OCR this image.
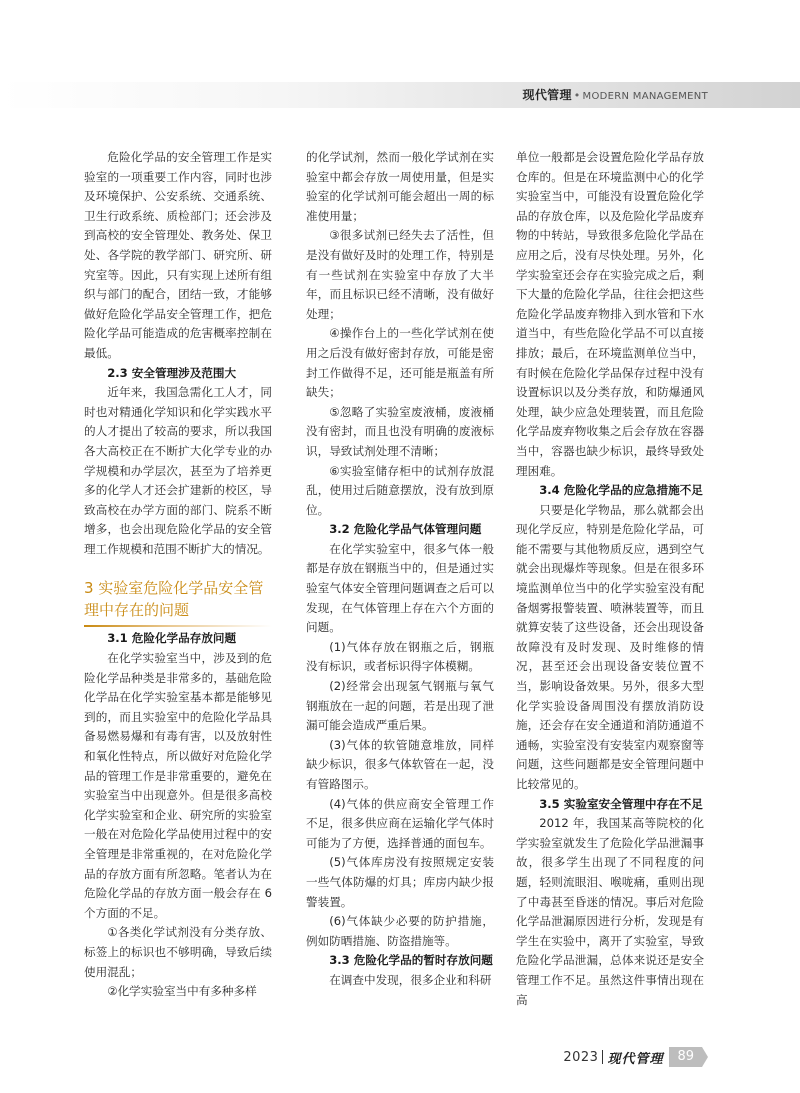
现代管理 • MODERN MANAGEMENT

危险化学品的安全管理工作是实验室的一项重要工作内容，同时也涉及环境保护、公安系统、交通系统、卫生行政系统、质检部门；还会涉及到高校的安全管理处、教务处、保卫处、各学院的教学部门、研究所、研究室等。因此，只有实现上述所有组织与部门的配合，团结一致，才能够做好危险化学品安全管理工作，把危险化学品可能造成的危害概率控制在最低。

2.3 安全管理涉及范围大

近年来，我国急需化工人才，同时也对精通化学知识和化学实践水平的人才提出了较高的要求，所以我国各大高校正在不断扩大化学专业的办学规模和办学层次，甚至为了培养更多的化学人才还会扩建新的校区，导致高校在办学方面的部门、院系不断增多，也会出现危险化学品的安全管理工作规模和范围不断扩大的情况。

3 实验室危险化学品安全管理中存在的问题

3.1 危险化学品存放问题

在化学实验室当中，涉及到的危险化学品种类是非常多的，基础危险化学品在化学实验室基本都是能够见到的，而且实验室中的危险化学品具备易燃易爆和有毒有害，以及放射性和氧化性特点，所以做好对危险化学品的管理工作是非常重要的，避免在实验室当中出现意外。但是很多高校化学实验室和企业、研究所的实验室一般在对危险化学品使用过程中的安全管理是非常重视的，在对危险化学品的存放方面有所忽略。笔者认为在危险化学品的存放方面一般会存在 6 个方面的不足。

①各类化学试剂没有分类存放、标签上的标识也不够明确，导致后续使用混乱；

②化学实验室当中有多种多样

的化学试剂，然而一般化学试剂在实验室中都会存放一周使用量，但是实验室的化学试剂可能会超出一周的标准使用量；

③很多试剂已经失去了活性，但是没有做好及时的处理工作，特别是有一些试剂在实验室中存放了大半年，而且标识已经不清晰，没有做好处理；

④操作台上的一些化学试剂在使用之后没有做好密封存放，可能是密封工作做得不足，还可能是瓶盖有所缺失；

⑤忽略了实验室废液桶，废液桶没有密封，而且也没有明确的废液标识，导致试剂处理不清晰；

⑥实验室储存柜中的试剂存放混乱，使用过后随意摆放，没有放到原位。

3.2 危险化学品气体管理问题

在化学实验室中，很多气体一般都是存放在钢瓶当中的，但是通过实验室气体安全管理问题调查之后可以发现，在气体管理上存在六个方面的问题。

(1)气体存放在钢瓶之后，钢瓶没有标识，或者标识得字体模糊。

(2)经常会出现氢气钢瓶与氧气钢瓶放在一起的问题，若是出现了泄漏可能会造成严重后果。

(3)气体的软管随意堆放，同样缺少标识，很多气体软管在一起，没有管路图示。

(4)气体的供应商安全管理工作不足，很多供应商在运输化学气体时可能为了方便，选择普通的面包车。

(5)气体库房没有按照规定安装一些气体防爆的灯具；库房内缺少报警装置。

(6)气体缺少必要的防护措施，例如防晒措施、防盗措施等。

3.3 危险化学品的暂时存放问题

在调查中发现，很多企业和科研

单位一般都是会设置危险化学品存放仓库的。但是在环境监测中心的化学实验室当中，可能没有设置危险化学品的存放仓库，以及危险化学品废弃物的中转站，导致很多危险化学品在应用之后，没有尽快处理。另外，化学实验室还会存在实验完成之后，剩下大量的危险化学品，往往会把这些危险化学品废弃物排入到水管和下水道当中，有些危险化学品不可以直接排放；最后，在环境监测单位当中，有时候在危险化学品保存过程中没有设置标识以及分类存放，和防爆通风处理，缺少应急处理装置，而且危险化学品废弃物收集之后会存放在容器当中，容器也缺少标识，最终导致处理困难。

3.4 危险化学品的应急措施不足

只要是化学物品，那么就都会出现化学反应，特别是危险化学品，可能不需要与其他物质反应，遇到空气就会出现爆炸等现象。但是在很多环境监测单位当中的化学实验室没有配备烟雾报警装置、喷淋装置等，而且就算安装了这些设备，还会出现设备故障没有及时发现、及时维修的情况，甚至还会出现设备安装位置不当，影响设备效果。另外，很多大型化学实验设备周围没有摆放消防设施，还会存在安全通道和消防通道不通畅，实验室没有安装室内观察窗等问题，这些问题都是安全管理问题中比较常见的。

3.5 实验室安全管理中存在不足

2012 年，我国某高等院校的化学实验室就发生了危险化学品泄漏事故，很多学生出现了不同程度的问题，轻则流眼泪、喉咙痛，重则出现了中毒甚至昏迷的情况。事后对危险化学品泄漏原因进行分析，发现是有学生在实验中，离开了实验室，导致危险化学品泄漏，总体来说还是安全管理工作不足。虽然这件事情出现在高

2023 现代管理	89
